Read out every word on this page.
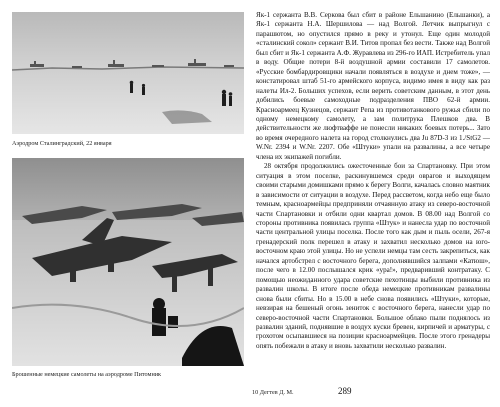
Аэродром Сталинградский, 22 января
Брошенные немецкие самолеты на аэродроме Питомник

Як-1 сержанта В.В. Серкова был сбит в районе Ельшанино (Ельшанки), а Як-1 сержанта Н.А. Шершилова — над Волгой. Летчик выпрыгнул с парашютом, но опустился прямо в реку и утонул. Еще один молодой «сталинский сокол» сержант В.И. Титов пропал без вести. Также над Волгой был сбит и Як-1 сержанта А.Ф. Журавлева из 296-го ИАП. Истребитель упал в воду. Общие потери 8-й воздушной армии составили 17 самолетов. «Русские бомбардировщики начали появляться в воздухе и днем тоже», — констатировал штаб 51-го армейского корпуса, видимо имея в виду как раз налеты Ил-2. Больших успехов, если верить советским данным, в этот день добились боевые самоходные подразделения ПВО 62-й армии. Красноармеец Кузнецов, сержант Репа из противотанкового ружья сбили по одному немецкому самолету, а зам политрука Плешков два. В действительности же люфтваффе не понесли никаких боевых потерь... Зато во время очередного налета на город столкнулись два Ju 87D-3 из 1./StG2 — W.Nr. 2394 и W.Nr. 2207. Обе «Штуки» упали на развалины, а все четыре члена их экипажей погибли.

28 октября продолжились ожесточенные бои за Спартановку. При этом ситуация в этом поселке, раскинувшемся среди оврагов и выходящем своими старыми домишками прямо к берегу Волги, качалась словно маятник в зависимости от ситуации в воздухе. Перед рассветом, когда небо еще было темным, красноармейцы предприняли отчаянную атаку из северо-восточной части Спартановки и отбили одни квартал домов. В 08.00 над Волгой со стороны противника появилась группа «Штук» и нанесла удар по восточной части центральной улицы поселка. После того как дым и пыль осели, 267-я гренадерский полк перешел в атаку и захватил несколько домов на юго-восточном краю этой улицы. Но не успели немцы там сесть закрепиться, как начался артобстрел с восточного берега, дополнявшийся залпами «Катюш», после чего в 12.00 послышался крик «ура!», предваривший контратаку. С помощью неожиданного удара советские пехотинцы выбили противника из развалин школы. В итоге после обеда немецкие противникам развалины снова были сбиты. Но в 15.00 в небе снова появились «Штуки», которые, невзирая на бешеный огонь зениток с восточного берега, нанесли удар по северо-восточной части Спартановки. Большое облако пыли поднялось из развалин зданий, поднявшие в воздух куски бревен, кирпичей и арматуры, с грохотом осыпавшиеся на позиции красноармейцев. После этого гренадеры опять побежали в атаку и вновь захватили несколько развалин.

10 Дегтев Д. М.	289
